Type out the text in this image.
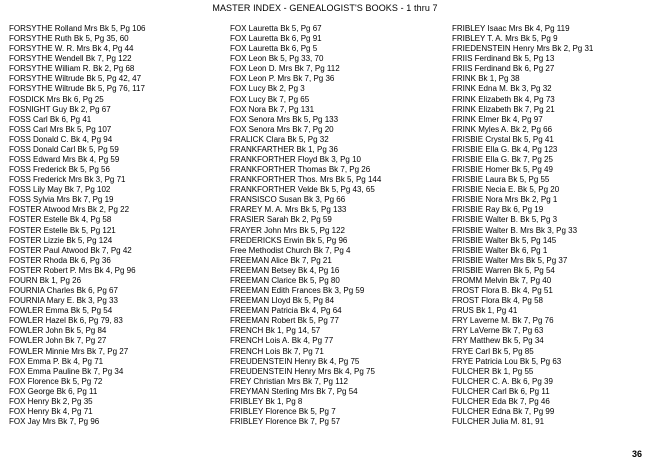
MASTER INDEX - GENEALOGIST'S BOOKS - 1 thru 7
FORSYTHE Rolland Mrs Bk 5, Pg 106
FORSYTHE Ruth Bk 5, Pg 35, 60
FORSYTHE W. R. Mrs Bk 4, Pg 44
FORSYTHE Wendell Bk 7, Pg 122
FORSYTHE William R. Bk 2, Pg 68
FORSYTHE Wiltrude Bk 5, Pg 42, 47
FORSYTHE Wiltrude Bk 5, Pg 76, 117
FOSDICK Mrs Bk 6, Pg 25
FOSNIGHT Guy Bk 2, Pg 67
FOSS Carl Bk 6, Pg 41
FOSS Carl Mrs Bk 5, Pg 107
FOSS Donald C. Bk 4, Pg 94
FOSS Donald Carl Bk 5, Pg 59
FOSS Edward Mrs Bk 4, Pg 59
FOSS Frederick Bk 5, Pg 56
FOSS Frederick Mrs Bk 3, Pg 71
FOSS Lily May Bk 7, Pg 102
FOSS Sylvia Mrs Bk 7, Pg 19
FOSTER Atwood Mrs Bk 2, Pg 22
FOSTER Estelle Bk 4, Pg 58
FOSTER Estelle Bk 5, Pg 121
FOSTER Lizzie Bk 5, Pg 124
FOSTER Paul Atwood Bk 7, Pg 42
FOSTER Rhoda Bk 6, Pg 36
FOSTER Robert P. Mrs Bk 4, Pg 96
FOURN Bk 1, Pg 26
FOURNIA Charles Bk 6, Pg 67
FOURNIA Mary E. Bk 3, Pg 33
FOWLER Emma Bk 5, Pg 54
FOWLER Hazel Bk 6, Pg 79, 83
FOWLER John Bk 5, Pg 84
FOWLER John Bk 7, Pg 27
FOWLER Minnie Mrs Bk 7, Pg 27
FOX Emma P. Bk 4, Pg 71
FOX Emma Pauline Bk 7, Pg 34
FOX Florence Bk 5, Pg 72
FOX George Bk 6, Pg 11
FOX Henry Bk 2, Pg 35
FOX Henry Bk 4, Pg 71
FOX Jay Mrs Bk 7, Pg 96
FOX Lauretta Bk 5, Pg 67
FOX Lauretta Bk 6, Pg 91
FOX Lauretta Bk 6, Pg 5
FOX Leon Bk 5, Pg 33, 70
FOX Leon D. Mrs Bk 7, Pg 112
FOX Leon P. Mrs Bk 7, Pg 36
FOX Lucy Bk 2, Pg 3
FOX Lucy Bk 7, Pg 65
FOX Nora Bk 7, Pg 131
FOX Senora Mrs Bk 5, Pg 133
FOX Senora Mrs Bk 7, Pg 20
FRALICK Clara Bk 5, Pg 32
FRANKFARTHER Bk 1, Pg 36
FRANKFORTHER Floyd Bk 3, Pg 10
FRANKFORTHER Thomas Bk 7, Pg 26
FRANKFORTHER Thos. Mrs Bk 5, Pg 144
FRANKFORTHER Velde Bk 5, Pg 43, 65
FRANSISCO Susan Bk 3, Pg 66
FRAREY M. A. Mrs Bk 5, Pg 133
FRASIER Sarah Bk 2, Pg 59
FRAYER John Mrs Bk 5, Pg 122
FREDERICKS Erwin Bk 5, Pg 96
Free Methodist Church Bk 7, Pg 4
FREEMAN Alice Bk 7, Pg 21
FREEMAN Betsey Bk 4, Pg 16
FREEMAN Clarice Bk 5, Pg 80
FREEMAN Edith Frances Bk 3, Pg 59
FREEMAN Lloyd Bk 5, Pg 84
FREEMAN Patricia Bk 4, Pg 64
FREEMAN Robert Bk 5, Pg 77
FRENCH Bk 1, Pg 14, 57
FRENCH Lois A. Bk 4, Pg 77
FRENCH Lois Bk 7, Pg 71
FREUDENSTEIN Henry Bk 4, Pg 75
FREUDENSTEIN Henry Mrs Bk 4, Pg 75
FREY Christian Mrs Bk 7, Pg 112
FREYMAN Sterling Mrs Bk 7, Pg 54
FRIBLEY Bk 1, Pg 8
FRIBLEY Florence Bk 5, Pg 7
FRIBLEY Florence Bk 7, Pg 57
FRIBLEY Isaac Mrs Bk 4, Pg 119
FRIBLEY T. A. Mrs Bk 5, Pg 9
FRIEDENSTEIN Henry Mrs Bk 2, Pg 31
FRIIS Ferdinand Bk 5, Pg 13
FRIIS Ferdinand Bk 6, Pg 27
FRINK Bk 1, Pg 38
FRINK Edna M. Bk 3, Pg 32
FRINK Elizabeth Bk 4, Pg 73
FRINK Elizabeth Bk 7, Pg 21
FRINK Elmer Bk 4, Pg 97
FRINK Myles A. Bk 2, Pg 66
FRISBIE Crystal Bk 5, Pg 41
FRISBIE Ella G. Bk 4, Pg 123
FRISBIE Ella G. Bk 7, Pg 25
FRISBIE Homer Bk 5, Pg 49
FRISBIE Laura Bk 5, Pg 55
FRISBIE Necia E. Bk 5, Pg 20
FRISBIE Nora Mrs Bk 2, Pg 1
FRISBIE Ray Bk 6, Pg 19
FRISBIE Walter B. Bk 5, Pg 3
FRISBIE Walter B. Mrs Bk 3, Pg 33
FRISBIE Walter Bk 5, Pg 145
FRISBIE Walter Bk 6, Pg 1
FRISBIE Walter Mrs Bk 5, Pg 37
FRISBIE Warren Bk 5, Pg 54
FROMM Melvin Bk 7, Pg 40
FROST Flora B. Bk 4, Pg 51
FROST Flora Bk 4, Pg 58
FRUS Bk 1, Pg 41
FRY Laverne M. Bk 7, Pg 76
FRY LaVerne Bk 7, Pg 63
FRY Matthew Bk 5, Pg 34
FRYE Carl Bk 5, Pg 85
FRYE Patricia Lou Bk 5, Pg 63
FULCHER Bk 1, Pg 55
FULCHER C. A. Bk 6, Pg 39
FULCHER Carl Bk 6, Pg 11
FULCHER Eda Bk 7, Pg 46
FULCHER Edna Bk 7, Pg 99
FULCHER Julia M. 81, 91
36
